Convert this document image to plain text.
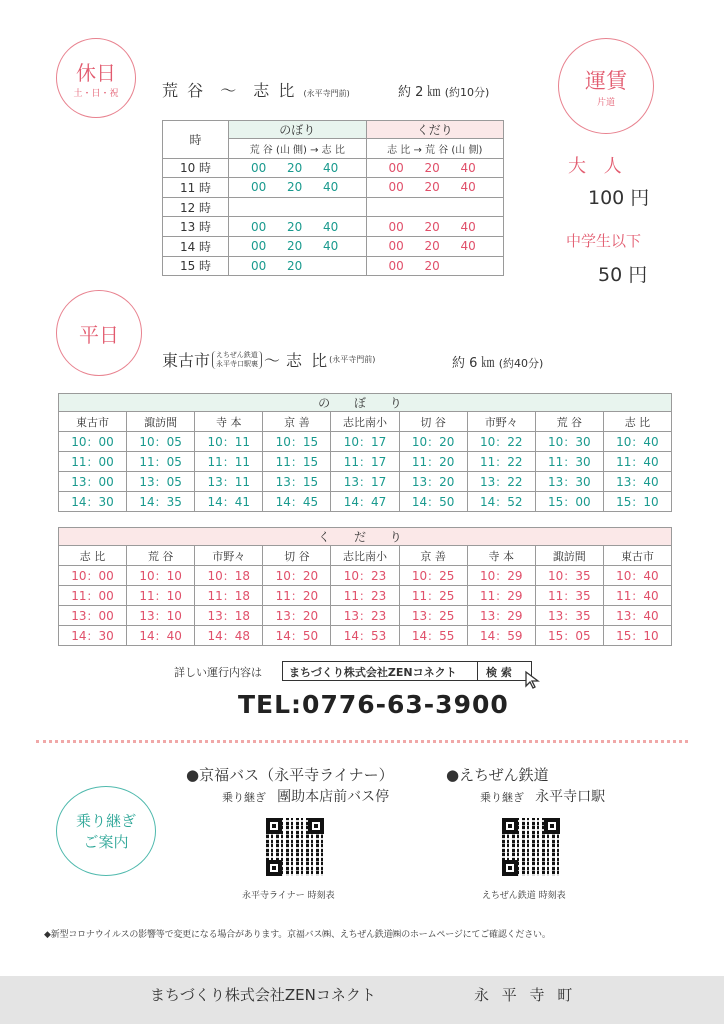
休日
土・日・祝	荒 谷 〜 志 比 (永平寺門前)	約 2 ㎞ (約10分)	運賃
片道
大 人
100 円
中学生以下
50 円
時	のぼり	くだり
	荒 谷 (山 側) → 志 比	志 比 → 荒 谷 (山 側)
10 時	00 20 40	00 20 40
11 時	00 20 40	00 20 40
12 時		
13 時	00 20 40	00 20 40
14 時	00 20 40	00 20 40
15 時	00 20	00 20
平日
東古市 えちぜん鉄道
永平寺口駅裏 〜 志 比 (永平寺門前)	約 6 ㎞ (約40分)
の ぼ り								
東古市	諏訪間	寺 本	京 善	志比南小	切 谷	市野々	荒 谷	志 比
10：00	10：05	10：11	10：15	10：17	10：20	10：22	10：30	10：40
11：00	11：05	11：11	11：15	11：17	11：20	11：22	11：30	11：40
13：00	13：05	13：11	13：15	13：17	13：20	13：22	13：30	13：40
14：30	14：35	14：41	14：45	14：47	14：50	14：52	15：00	15：10
く だ り								
志 比	荒 谷	市野々	切 谷	志比南小	京 善	寺 本	諏訪間	東古市
10：00	10：10	10：18	10：20	10：23	10：25	10：29	10：35	10：40
11：00	11：10	11：18	11：20	11：23	11：25	11：29	11：35	11：40
13：00	13：10	13：18	13：20	13：23	13：25	13：29	13：35	13：40
14：30	14：40	14：48	14：50	14：53	14：55	14：59	15：05	15：10
詳しい運行内容は	まちづくり株式会社ZENコネクト	検 索
TEL:0776-63-3900
乗り継ぎ
ご案内
●京福バス（永平寺ライナー）
乗り継ぎ 團助本店前バス停
永平寺ライナー 時刻表
●えちぜん鉄道
乗り継ぎ 永平寺口駅
えちぜん鉄道 時刻表
◆新型コロナウイルスの影響等で変更になる場合があります。京福バス㈱、えちぜん鉄道㈱のホームページにてご確認ください。
まちづくり株式会社ZENコネクト	永 平 寺 町
